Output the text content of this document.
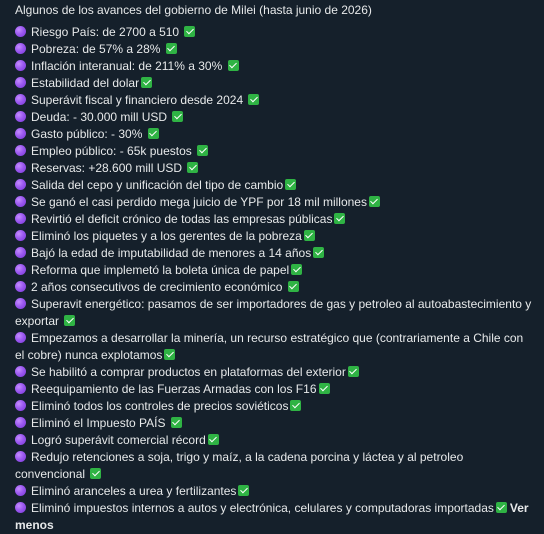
Algunos de los avances del gobierno de Milei (hasta junio de 2026)
Riesgo País: de 2700 a 510
Pobreza: de 57% a 28%
Inflación interanual: de 211% a 30%
Estabilidad del dolar
Superávit fiscal y financiero desde 2024
Deuda: - 30.000 mill USD
Gasto público: - 30%
Empleo público: - 65k puestos
Reservas: +28.600 mill USD
Salida del cepo y unificación del tipo de cambio
Se ganó el casi perdido mega juicio de YPF por 18 mil millones
Revirtió el deficit crónico de todas las empresas públicas
Eliminó los piquetes y a los gerentes de la pobreza
Bajó la edad de imputabilidad de menores a 14 años
Reforma que implemetó la boleta única de papel
2 años consecutivos de crecimiento económico
Superavit energético: pasamos de ser importadores de gas y petroleo al autoabastecimiento y exportar
Empezamos a desarrollar la minería, un recurso estratégico que (contrariamente a Chile con el cobre) nunca explotamos
Se habilitó a comprar productos en plataformas del exterior
Reequipamiento de las Fuerzas Armadas con los F16
Eliminó todos los controles de precios soviéticos
Eliminó el Impuesto PAÍS
Logró superávit comercial récord
Redujo retenciones a soja, trigo y maíz, a la cadena porcina y láctea y al petroleo convencional
Eliminó aranceles a urea y fertilizantes
Eliminó impuestos internos a autos y electrónica, celulares y computadoras importadas Ver menos
